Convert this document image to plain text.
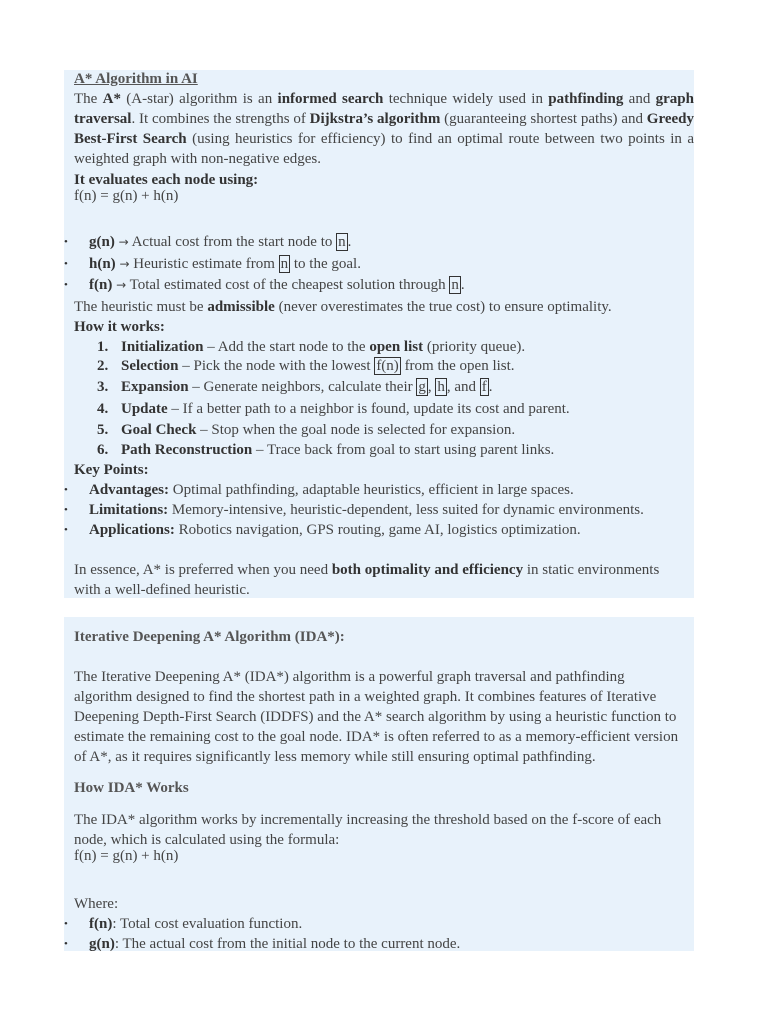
A* Algorithm in AI
The A* (A-star) algorithm is an informed search technique widely used in pathfinding and graph traversal. It combines the strengths of Dijkstra’s algorithm (guaranteeing shortest paths) and Greedy Best-First Search (using heuristics for efficiency) to find an optimal route between two points in a weighted graph with non-negative edges.
It evaluates each node using:
f(n) = g(n) + h(n)
• g(n) → Actual cost from the start node to n .
• h(n) → Heuristic estimate from n to the goal.
• f(n) → Total estimated cost of the cheapest solution through n .
The heuristic must be admissible (never overestimates the true cost) to ensure optimality.
How it works:
1. Initialization – Add the start node to the open list (priority queue).
2. Selection – Pick the node with the lowest f(n) from the open list.
3. Expansion – Generate neighbors, calculate their g , h , and f .
4. Update – If a better path to a neighbor is found, update its cost and parent.
5. Goal Check – Stop when the goal node is selected for expansion.
6. Path Reconstruction – Trace back from goal to start using parent links.
Key Points:
• Advantages: Optimal pathfinding, adaptable heuristics, efficient in large spaces.
• Limitations: Memory-intensive, heuristic-dependent, less suited for dynamic environments.
• Applications: Robotics navigation, GPS routing, game AI, logistics optimization.
In essence, A* is preferred when you need both optimality and efficiency in static environments with a well-defined heuristic.
Iterative Deepening A* Algorithm (IDA*):
The Iterative Deepening A* (IDA*) algorithm is a powerful graph traversal and pathfinding algorithm designed to find the shortest path in a weighted graph. It combines features of Iterative Deepening Depth-First Search (IDDFS) and the A* search algorithm by using a heuristic function to estimate the remaining cost to the goal node. IDA* is often referred to as a memory-efficient version of A*, as it requires significantly less memory while still ensuring optimal pathfinding.
How IDA* Works
The IDA* algorithm works by incrementally increasing the threshold based on the f-score of each node, which is calculated using the formula:
f(n) = g(n) + h(n)
Where:
• f(n): Total cost evaluation function.
• g(n): The actual cost from the initial node to the current node.
